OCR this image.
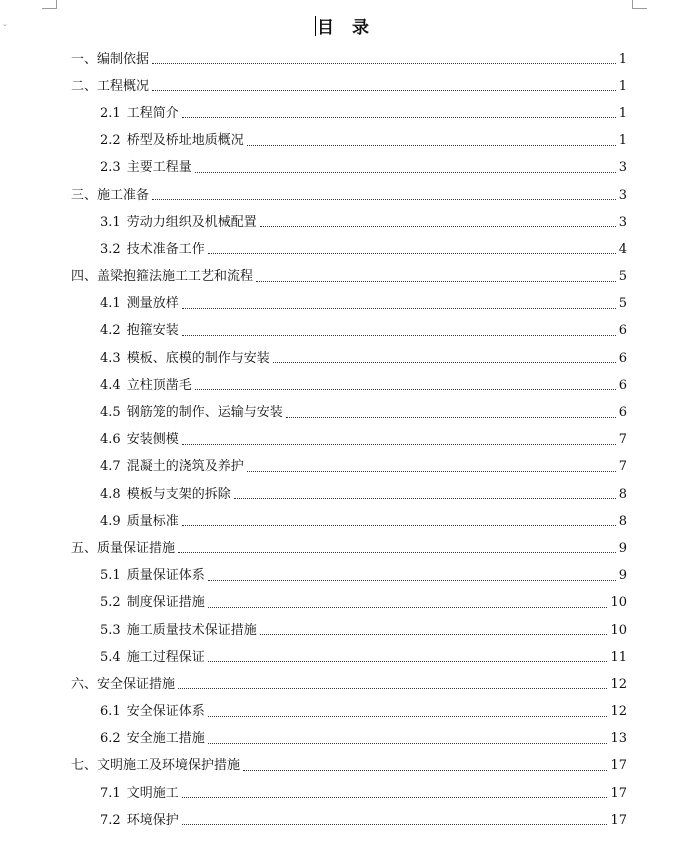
⌄	目 录
一、编制依据	1
二、工程概况	1
2.1 工程简介	1
2.2 桥型及桥址地质概况	1
2.3 主要工程量	3
三、施工准备	3
3.1 劳动力组织及机械配置	3
3.2 技术准备工作	4
四、盖梁抱箍法施工工艺和流程	5
4.1 测量放样	5
4.2 抱箍安装	6
4.3 模板、底模的制作与安装	6
4.4 立柱顶凿毛	6
4.5 钢筋笼的制作、运输与安装	6
4.6 安装侧模	7
4.7 混凝土的浇筑及养护	7
4.8 模板与支架的拆除	8
4.9 质量标准	8
五、质量保证措施	9
5.1 质量保证体系	9
5.2 制度保证措施	10
5.3 施工质量技术保证措施	10
5.4 施工过程保证	11
六、安全保证措施	12
6.1 安全保证体系	12
6.2 安全施工措施	13
七、文明施工及环境保护措施	17
7.1 文明施工	17
7.2 环境保护	17
